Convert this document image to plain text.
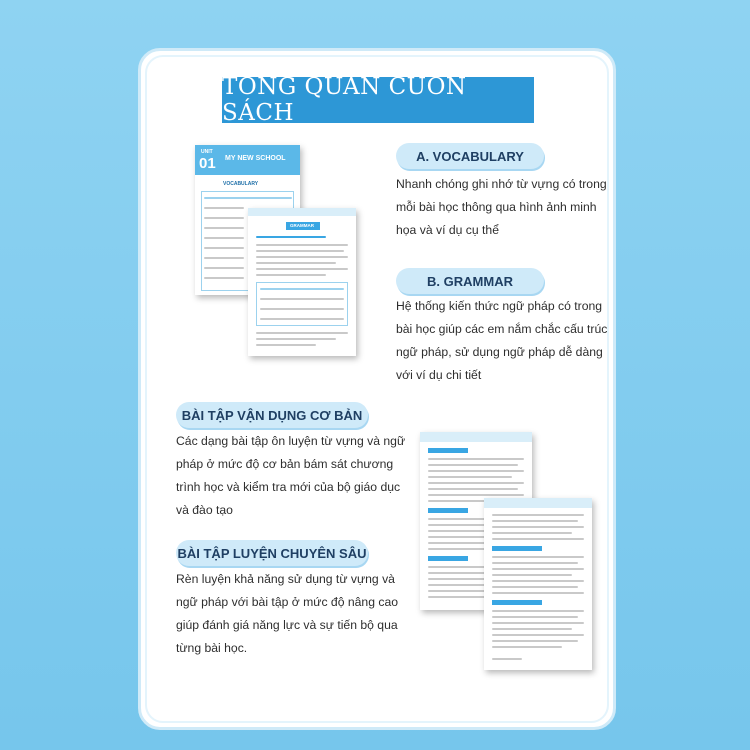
TỔNG QUAN CUỐN SÁCH
UNIT
01 MY NEW SCHOOL
VOCABULARY
GRAMMAR
A. VOCABULARY
Nhanh chóng ghi nhớ từ vựng có trong
mỗi bài học thông qua hình ảnh minh
họa và ví dụ cụ thể
B. GRAMMAR
Hệ thống kiến thức ngữ pháp có trong
bài học giúp các em nắm chắc cấu trúc
ngữ pháp, sử dụng ngữ pháp dễ dàng
với ví dụ chi tiết
BÀI TẬP VẬN DỤNG CƠ BẢN
Các dạng bài tập ôn luyện từ vựng và ngữ
pháp ở mức độ cơ bản bám sát chương
trình học và kiểm tra mới của bộ giáo dục
và đào tạo
BÀI TẬP LUYỆN CHUYÊN SÂU
Rèn luyện khả năng sử dụng từ vựng và
ngữ pháp với bài tập ở mức độ nâng cao
giúp đánh giá năng lực và sự tiến bộ qua
từng bài học.
